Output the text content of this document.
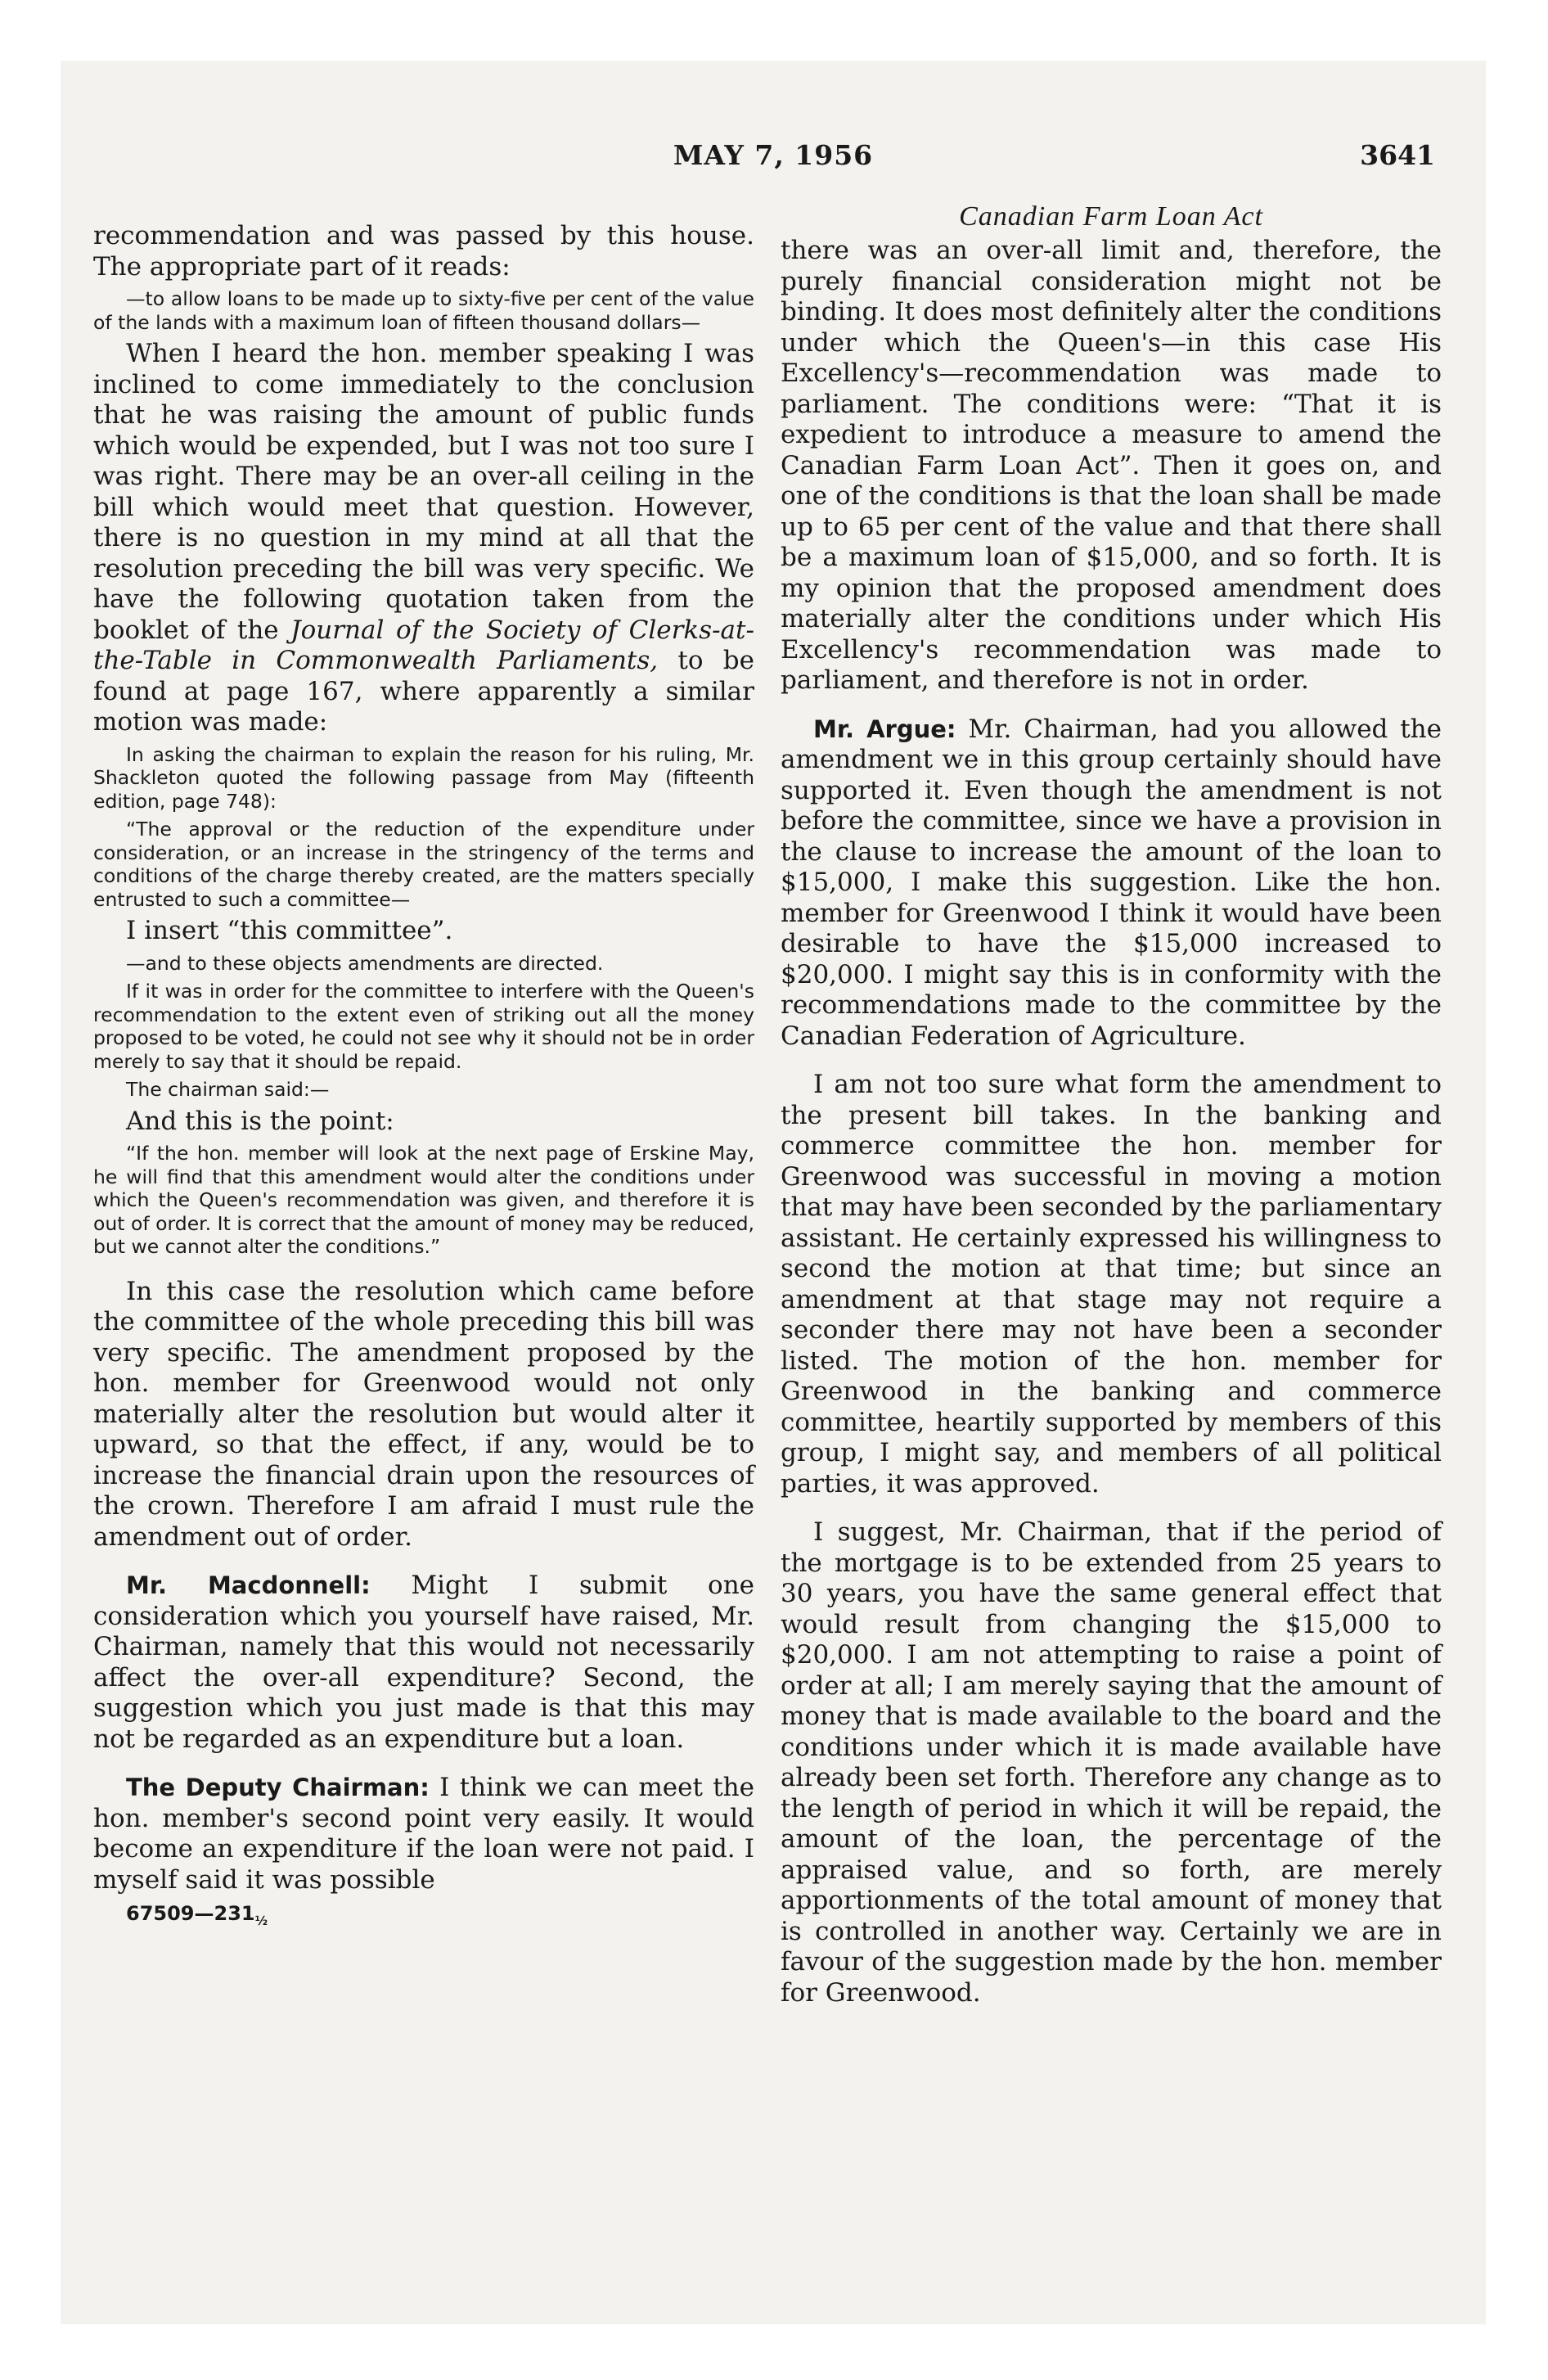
MAY 7, 1956	3641

recommendation and was passed by this house. The appropriate part of it reads:

—to allow loans to be made up to sixty-five per cent of the value of the lands with a maximum loan of fifteen thousand dollars—

When I heard the hon. member speaking I was inclined to come immediately to the conclusion that he was raising the amount of public funds which would be expended, but I was not too sure I was right. There may be an over-all ceiling in the bill which would meet that question. However, there is no question in my mind at all that the resolution preceding the bill was very specific. We have the following quotation taken from the booklet of the Journal of the Society of Clerks-at-the-Table in Commonwealth Parliaments, to be found at page 167, where apparently a similar motion was made:

In asking the chairman to explain the reason for his ruling, Mr. Shackleton quoted the following passage from May (fifteenth edition, page 748):
“The approval or the reduction of the expenditure under consideration, or an increase in the stringency of the terms and conditions of the charge thereby created, are the matters specially entrusted to such a committee—

I insert “this committee”.

—and to these objects amendments are directed.
If it was in order for the committee to interfere with the Queen's recommendation to the extent even of striking out all the money proposed to be voted, he could not see why it should not be in order merely to say that it should be repaid.
The chairman said:—

And this is the point:

“If the hon. member will look at the next page of Erskine May, he will find that this amendment would alter the conditions under which the Queen's recommendation was given, and therefore it is out of order. It is correct that the amount of money may be reduced, but we cannot alter the conditions.”

In this case the resolution which came before the committee of the whole preceding this bill was very specific. The amendment proposed by the hon. member for Greenwood would not only materially alter the resolution but would alter it upward, so that the effect, if any, would be to increase the financial drain upon the resources of the crown. Therefore I am afraid I must rule the amendment out of order.

Mr. Macdonnell: Might I submit one consideration which you yourself have raised, Mr. Chairman, namely that this would not necessarily affect the over-all expenditure? Second, the suggestion which you just made is that this may not be regarded as an expenditure but a loan.

The Deputy Chairman: I think we can meet the hon. member's second point very easily. It would become an expenditure if the loan were not paid. I myself said it was possible

$67509—231_{\frac{1}{2}}$
Canadian Farm Loan Act

there was an over-all limit and, therefore, the purely financial consideration might not be binding. It does most definitely alter the conditions under which the Queen's—in this case His Excellency's—recommendation was made to parliament. The conditions were: “That it is expedient to introduce a measure to amend the Canadian Farm Loan Act”. Then it goes on, and one of the conditions is that the loan shall be made up to 65 per cent of the value and that there shall be a maximum loan of $15,000, and so forth. It is my opinion that the proposed amendment does materially alter the conditions under which His Excellency's recommendation was made to parliament, and therefore is not in order.

Mr. Argue: Mr. Chairman, had you allowed the amendment we in this group certainly should have supported it. Even though the amendment is not before the committee, since we have a provision in the clause to increase the amount of the loan to $15,000, I make this suggestion. Like the hon. member for Greenwood I think it would have been desirable to have the $15,000 increased to $20,000. I might say this is in conformity with the recommendations made to the committee by the Canadian Federation of Agriculture.

I am not too sure what form the amendment to the present bill takes. In the banking and commerce committee the hon. member for Greenwood was successful in moving a motion that may have been seconded by the parliamentary assistant. He certainly expressed his willingness to second the motion at that time; but since an amendment at that stage may not require a seconder there may not have been a seconder listed. The motion of the hon. member for Greenwood in the banking and commerce committee, heartily supported by members of this group, I might say, and members of all political parties, it was approved.

I suggest, Mr. Chairman, that if the period of the mortgage is to be extended from 25 years to 30 years, you have the same general effect that would result from changing the $15,000 to $20,000. I am not attempting to raise a point of order at all; I am merely saying that the amount of money that is made available to the board and the conditions under which it is made available have already been set forth. Therefore any change as to the length of period in which it will be repaid, the amount of the loan, the percentage of the appraised value, and so forth, are merely apportionments of the total amount of money that is controlled in another way. Certainly we are in favour of the suggestion made by the hon. member for Greenwood.
